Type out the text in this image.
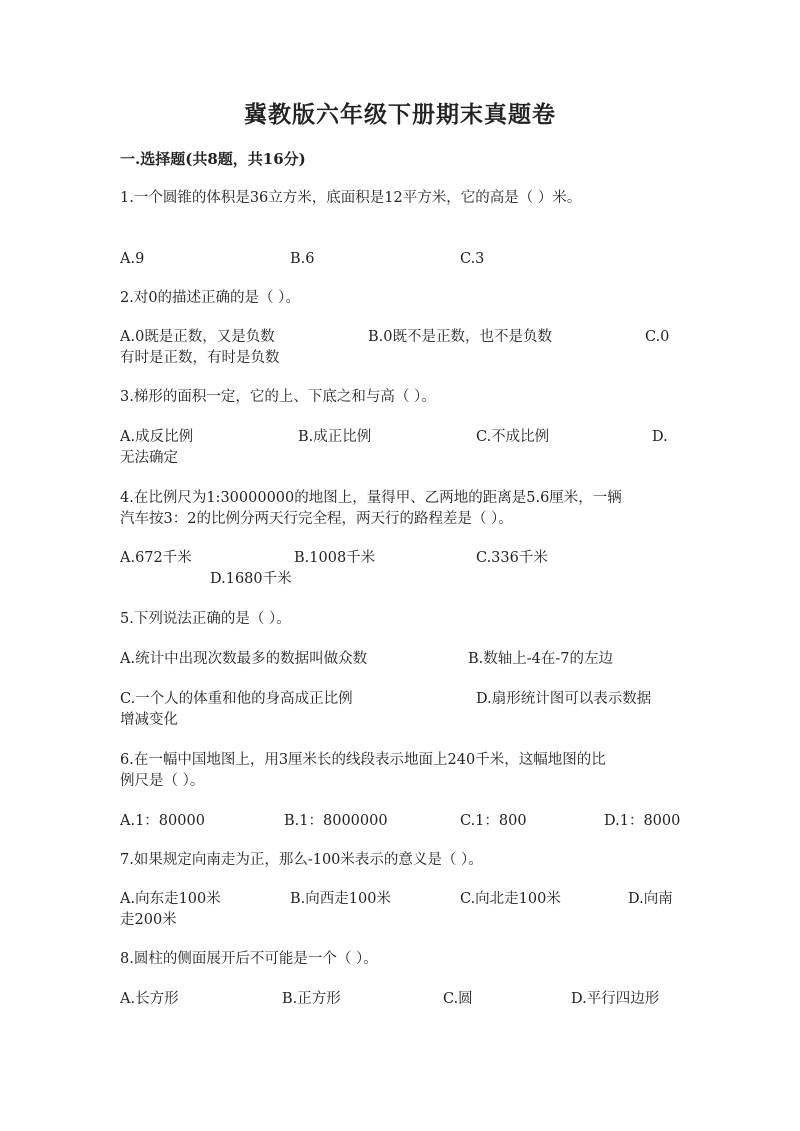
冀教版六年级下册期末真题卷
一.选择题(共8题，共16分)
1.一个圆锥的体积是36立方米，底面积是12平方米，它的高是（ ）米。
A.9	B.6	C.3
2.对0的描述正确的是（ ）。
A.0既是正数，又是负数	B.0既不是正数，也不是负数	C.0
有时是正数，有时是负数
3.梯形的面积一定，它的上、下底之和与高（ ）。
A.成反比例	B.成正比例	C.不成比例	D.
无法确定
4.在比例尺为1:30000000的地图上，量得甲、乙两地的距离是5.6厘米，一辆
汽车按3：2的比例分两天行完全程，两天行的路程差是（ ）。
A.672千米	B.1008千米	C.336千米
D.1680千米
5.下列说法正确的是（ ）。
A.统计中出现次数最多的数据叫做众数	B.数轴上-4在-7的左边
C.一个人的体重和他的身高成正比例	D.扇形统计图可以表示数据
增减变化
6.在一幅中国地图上，用3厘米长的线段表示地面上240千米，这幅地图的比
例尺是（ ）。
A.1：80000	B.1：8000000	C.1：800	D.1：8000
7.如果规定向南走为正，那么-100米表示的意义是（ ）。
A.向东走100米	B.向西走100米	C.向北走100米	D.向南
走200米
8.圆柱的侧面展开后不可能是一个（ ）。
A.长方形	B.正方形	C.圆	D.平行四边形
